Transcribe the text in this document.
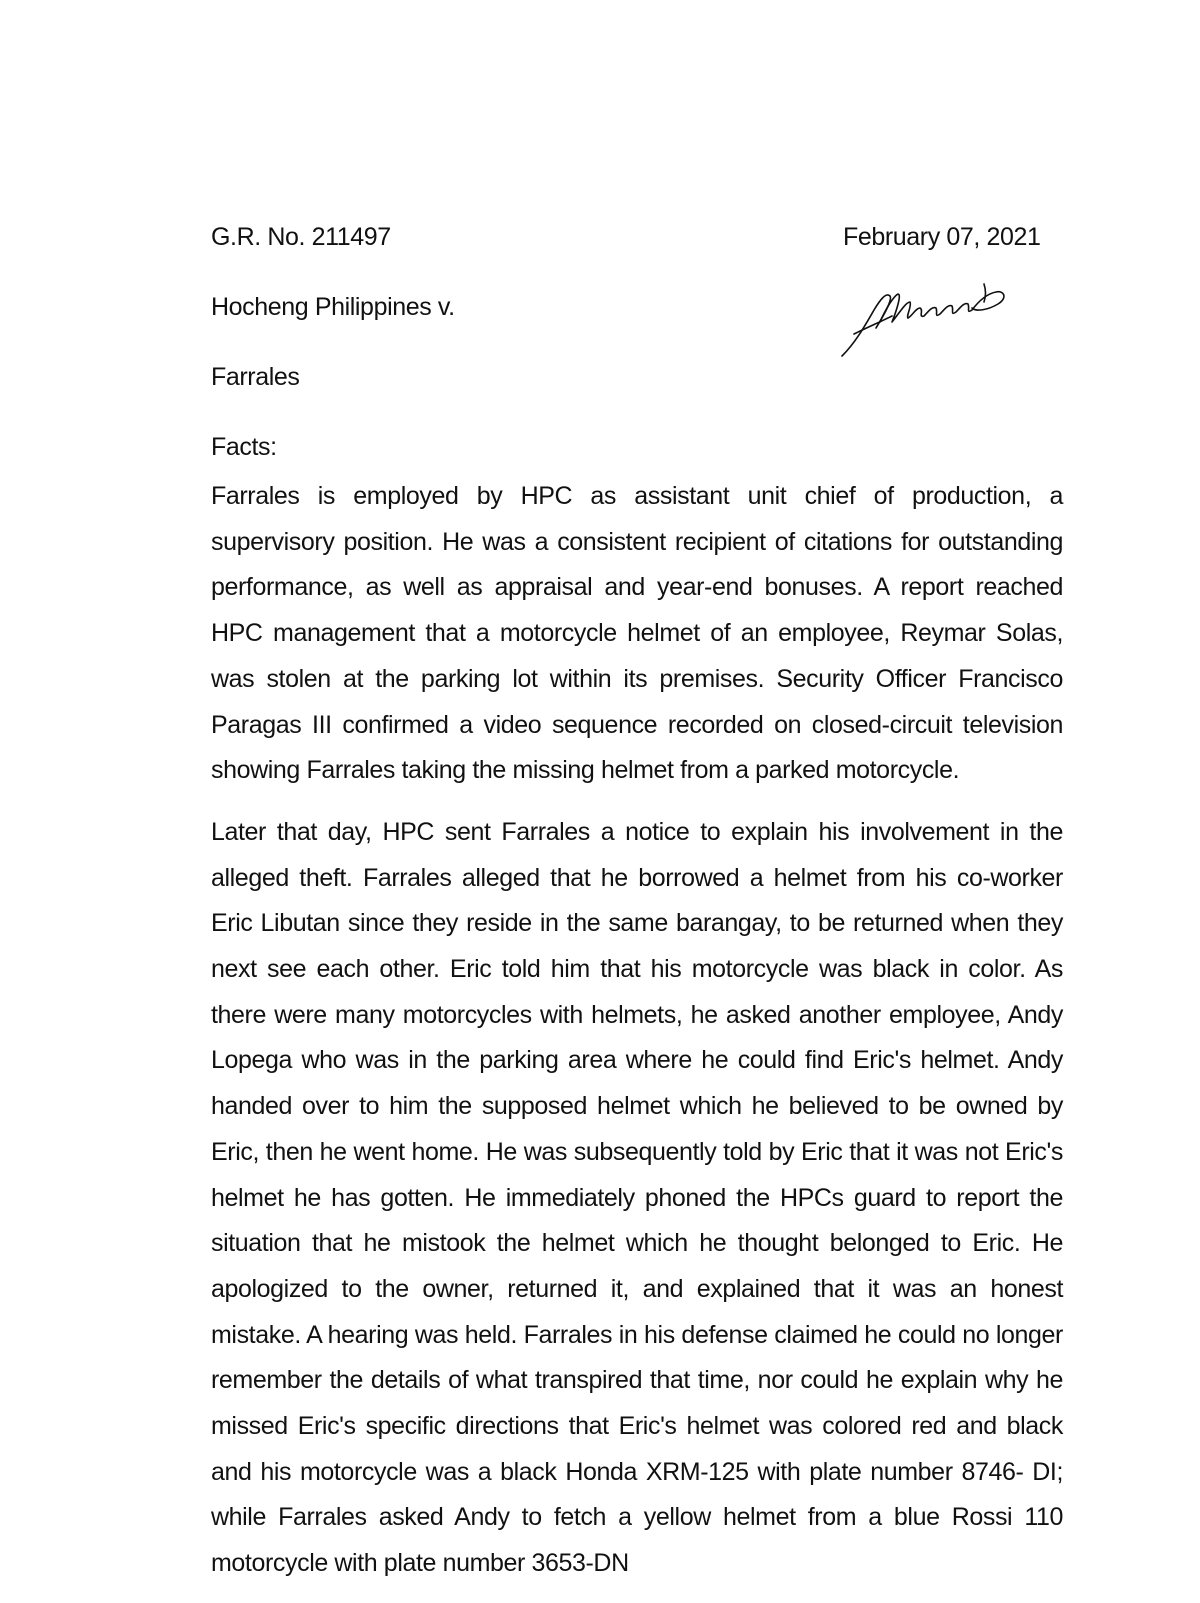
G.R. No. 211497
Hocheng Philippines v.
Farrales
Facts:
February 07, 2021

Farrales is employed by HPC as assistant unit chief of production, a supervisory position. He was a consistent recipient of citations for outstanding performance, as well as appraisal and year-end bonuses. A report reached HPC management that a motorcycle helmet of an employee, Reymar Solas, was stolen at the parking lot within its premises. Security Officer Francisco Paragas III confirmed a video sequence recorded on closed-circuit television showing Farrales taking the missing helmet from a parked motorcycle.

Later that day, HPC sent Farrales a notice to explain his involvement in the alleged theft. Farrales alleged that he borrowed a helmet from his co-worker Eric Libutan since they reside in the same barangay, to be returned when they next see each other. Eric told him that his motorcycle was black in color. As there were many motorcycles with helmets, he asked another employee, Andy Lopega who was in the parking area where he could find Eric's helmet. Andy handed over to him the supposed helmet which he believed to be owned by Eric, then he went home. He was subsequently told by Eric that it was not Eric's helmet he has gotten. He immediately phoned the HPCs guard to report the situation that he mistook the helmet which he thought belonged to Eric. He apologized to the owner, returned it, and explained that it was an honest mistake. A hearing was held. Farrales in his defense claimed he could no longer remember the details of what transpired that time, nor could he explain why he missed Eric's specific directions that Eric's helmet was colored red and black and his motorcycle was a black Honda XRM-125 with plate number 8746- DI; while Farrales asked Andy to fetch a yellow helmet from a blue Rossi 110 motorcycle with plate number 3653-DN
